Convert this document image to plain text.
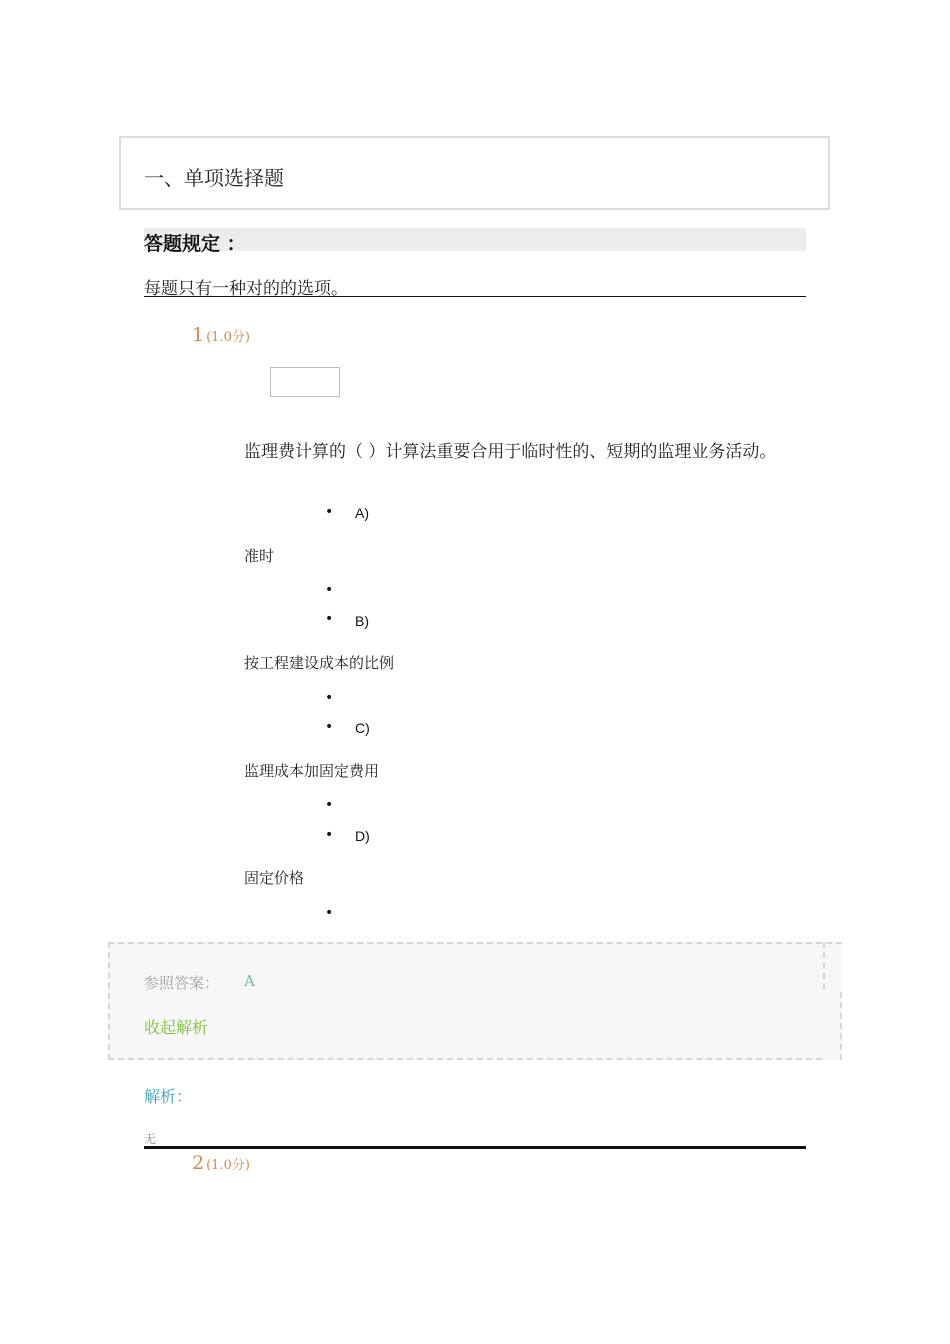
一、单项选择题
答题规定 ：
每题只有一种对的的选项。
1 (1.0分)
监理费计算的（ ）计算法重要合用于临时性的、短期的监理业务活动。
• A)
准时
•
• B)
按工程建设成本的比例
•
• C)
监理成本加固定费用
•
• D)
固定价格
•
参照答案： A
收起解析
解析：
无
2 (1.0分)
